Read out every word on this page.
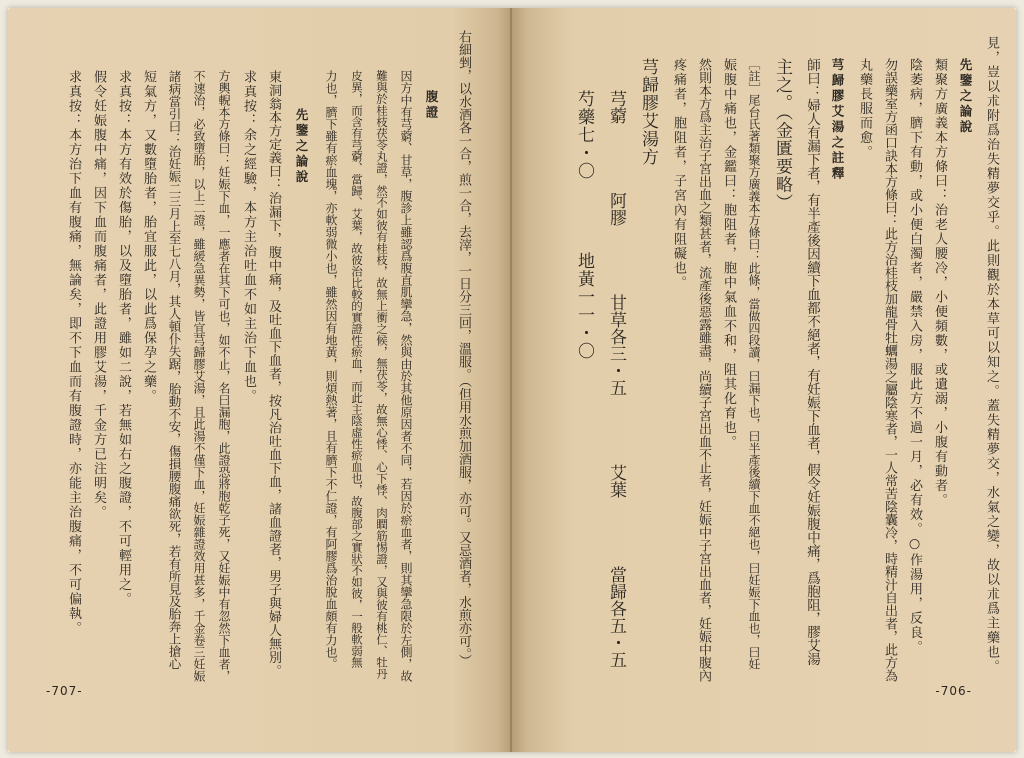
右細剉，以水酒各一合，煎一合，去滓，一日分三回，溫服。（但用水煎加酒服，亦可。又忌酒者，水煎亦可。）
腹證
因方中有芎藭、甘草，腹診上雖認爲腹直肌攣急，然與由於其他原因者不同，若因於瘀血者，則其攣急限於左側，故
難與於桂枝茯苓丸證，然不如彼有桂枝，故無上衝之候，無茯苓，故無心悸、心下悸、肉瞤筋惕證，又與彼有桃仁、牡丹
皮異，而含有芎藭、當歸、艾葉，故彼治比較的實證性瘀血，而此主陰虛性瘀血也，故腹部之實狀不如彼，一般軟弱無
力也，臍下雖有瘀血塊，亦軟弱微小也，雖然因有地黃，則煩熱著，且有臍下不仁證，有阿膠爲治脫血頗有力也。
先鑒之論說
東洞翁本方定義曰：治漏下，腹中痛，及吐血下血者，按凡治吐血下血，諸血證者，男子與婦人無別。
求真按：余之經驗，本方主治吐血不如主治下血也。
方輿輗本方條曰：妊娠下血，一應者在其下可也，如不止，名曰漏胞，此證恐將胞乾子死，又妊娠中有忽然下血者，
不速治，必致墮胎，以上二證，雖緩急異勢，皆宜芎歸膠艾湯，且此湯不僅下血，妊娠雜證效用甚多，千金卷三妊娠
諸病當引曰：治妊娠二三月上至七八月，其人頓仆失踞，胎動不安，傷損腰腹痛欲死，若有所見及胎奔上搶心
短氣方，又數墮胎者，胎宜服此，以此爲保孕之藥。
求真按：本方有效於傷胎，以及墮胎者，雖如二說，若無如右之腹證，不可輕用之。
假令妊娠腹中痛，因下血而腹痛者，此證用膠艾湯，千金方已注明矣。
求真按：本方治下血有腹痛，無論矣，即不下血而有腹證時，亦能主治腹痛，不可偏執。
-707-
見，豈以朮附爲治失精夢交乎。此則觀於本草可以知之。蓋失精夢交，水氣之變，故以朮爲主藥也。
先鑒之論說
類聚方廣義本方條曰：治老人腰冷，小便頻數，或遺溺，小腹有動者。
陰萎病，臍下有動，或小便白濁者，嚴禁入房，服此方不過一月，必有效。○作湯用，反良。
勿誤藥室方函口訣本方條曰：此方治桂枝加龍骨牡蠣湯之屬陰寒者，一人常苦陰囊冷，時精汁自出者，此方為
丸藥長服而愈。
芎歸膠艾湯之註釋
師曰：婦人有漏下者，有半產後因續下血都不絕者，有妊娠下血者，假令妊娠腹中痛，爲胞阻，膠艾湯
主之。（金匱要略）
［註］尾台氏著類聚方廣義本方條曰：此條，當做四段讀，曰漏下也，曰半產後續下血不絕也，曰妊娠下血也，曰妊
娠腹中痛也，金鑑曰：胞阻者，胞中氣血不和，阻其化育也。
然則本方爲主治子宮出血之類甚者，流產後惡露雖盡，尚續子宮出血不止者，妊娠中子宮出血者，妊娠中腹內
疼痛者，胞阻者，子宮內有阻礙也。
芎歸膠艾湯方
芎藭　　　　阿膠　　　　甘草各三・五　　　　艾葉　　　　當歸各五・五
芍藥七・〇　　　　地黃一一・〇
-706-
